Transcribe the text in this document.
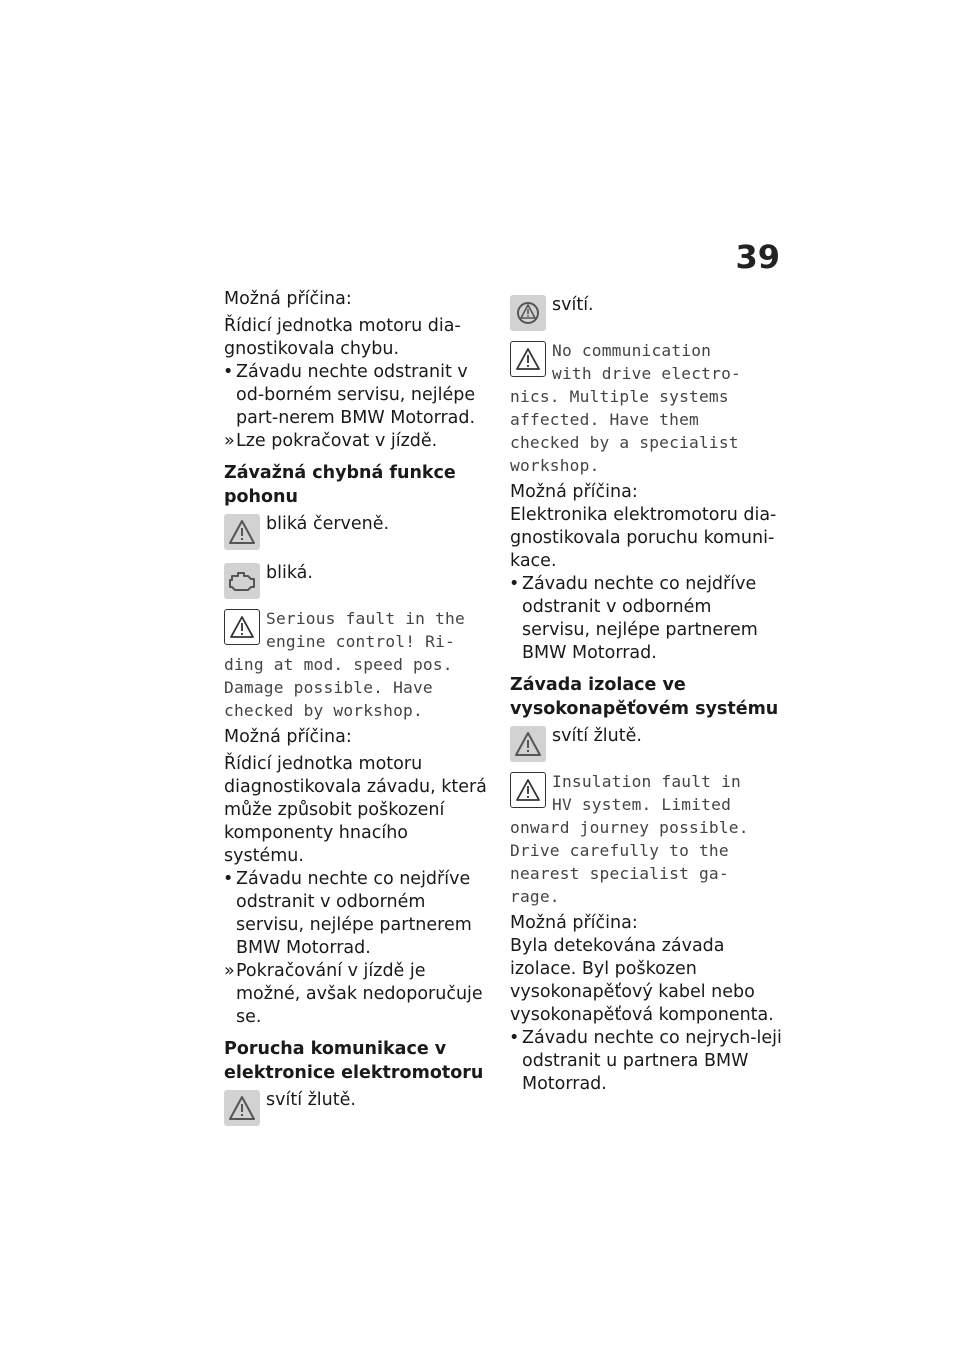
39

Možná příčina:

Řídicí jednotka motoru dia-gnostikovala chybu.

• Závadu nechte odstranit v od-borném servisu, nejlépe part-nerem BMW Motorrad.

» Lze pokračovat v jízdě.

Závažná chybná funkce pohonu

bliká červeně.
bliká.

Serious fault in the

engine control! Ri-

ding at mod. speed pos.

Damage possible. Have

checked by workshop.

Možná příčina:

Řídicí jednotka motoru diagnostikovala závadu, která může způsobit poškození komponenty hnacího systému.

• Závadu nechte co nejdříve odstranit v odborném servisu, nejlépe partnerem BMW Motorrad.

» Pokračování v jízdě je možné, avšak nedoporučuje se.

Porucha komunikace v elektronice elektromotoru

svítí žlutě.
svítí.

No communication

with drive electro-

nics. Multiple systems

affected. Have them

checked by a specialist

workshop.

Možná příčina:

Elektronika elektromotoru dia-gnostikovala poruchu komuni-kace.

• Závadu nechte co nejdříve odstranit v odborném servisu, nejlépe partnerem BMW Motorrad.

Závada izolace ve vysokonapěťovém systému

svítí žlutě.

Insulation fault in

HV system. Limited

onward journey possible.

Drive carefully to the

nearest specialist ga-

rage.

Možná příčina:

Byla detekována závada izolace. Byl poškozen vysokonapěťový kabel nebo vysokonapěťová komponenta.

• Závadu nechte co nejrych-leji odstranit u partnera BMW Motorrad.
